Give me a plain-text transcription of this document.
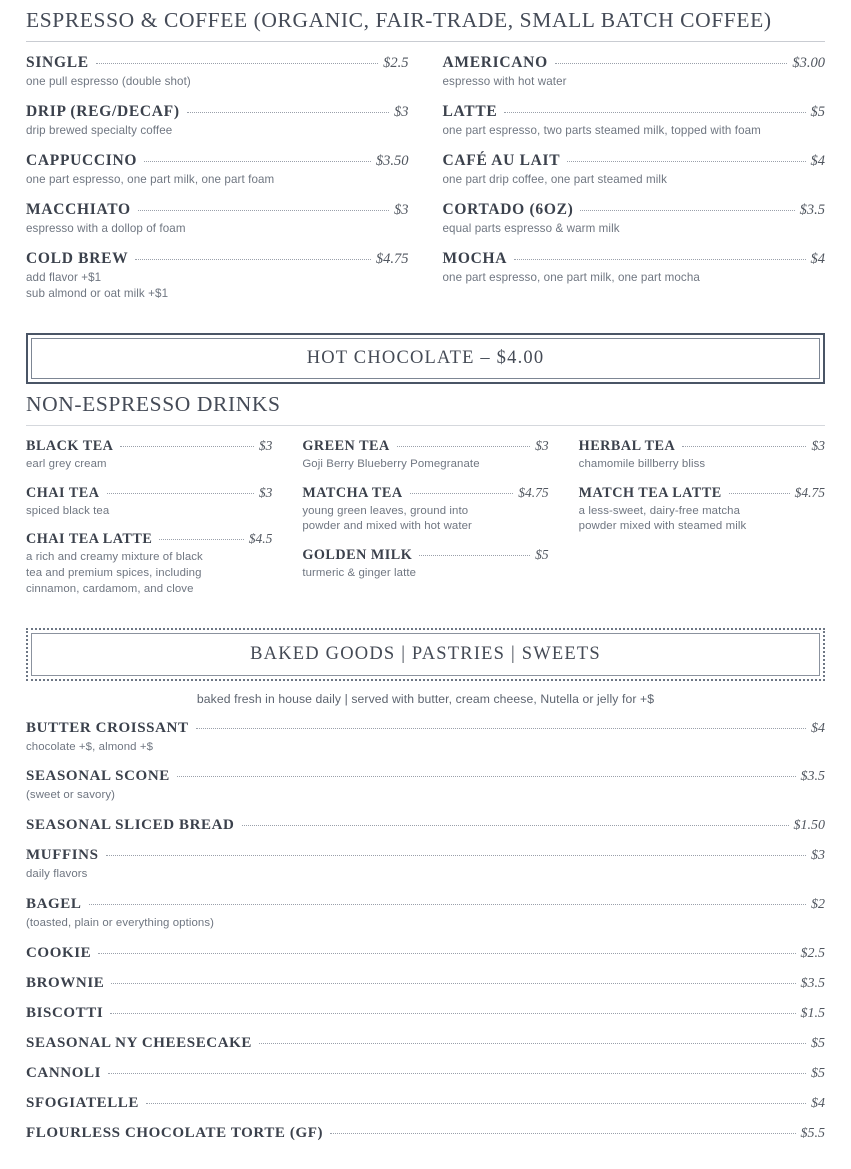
ESPRESSO & COFFEE (ORGANIC, FAIR-TRADE, SMALL BATCH COFFEE)
SINGLE	$2.5
one pull espresso (double shot)
DRIP (REG/DECAF)	$3
drip brewed specialty coffee
CAPPUCCINO	$3.50
one part espresso, one part milk, one part foam
MACCHIATO	$3
espresso with a dollop of foam
COLD BREW	$4.75
add flavor +$1
sub almond or oat milk +$1
AMERICANO	$3.00
espresso with hot water
LATTE	$5
one part espresso, two parts steamed milk, topped with foam
CAFÉ AU LAIT	$4
one part drip coffee, one part steamed milk
CORTADO (6OZ)	$3.5
equal parts espresso & warm milk
MOCHA	$4
one part espresso, one part milk, one part mocha
HOT CHOCOLATE – $4.00
NON-ESPRESSO DRINKS
BLACK TEA	$3
earl grey cream
CHAI TEA	$3
spiced black tea
CHAI TEA LATTE	$4.5
a rich and creamy mixture of black
tea and premium spices, including
cinnamon, cardamom, and clove
GREEN TEA	$3
Goji Berry Blueberry Pomegranate
MATCHA TEA	$4.75
young green leaves, ground into
powder and mixed with hot water
GOLDEN MILK	$5
turmeric & ginger latte
HERBAL TEA	$3
chamomile billberry bliss
MATCH TEA LATTE	$4.75
a less-sweet, dairy-free matcha
powder mixed with steamed milk
BAKED GOODS | PASTRIES | SWEETS
baked fresh in house daily | served with butter, cream cheese, Nutella or jelly for +$
BUTTER CROISSANT	$4
chocolate +$, almond +$
SEASONAL SCONE	$3.5
(sweet or savory)
SEASONAL SLICED BREAD	$1.50
MUFFINS	$3
daily flavors
BAGEL	$2
(toasted, plain or everything options)
COOKIE	$2.5
BROWNIE	$3.5
BISCOTTI	$1.5
SEASONAL NY CHEESECAKE	$5
CANNOLI	$5
SFOGIATELLE	$4
FLOURLESS CHOCOLATE TORTE (GF)	$5.5
